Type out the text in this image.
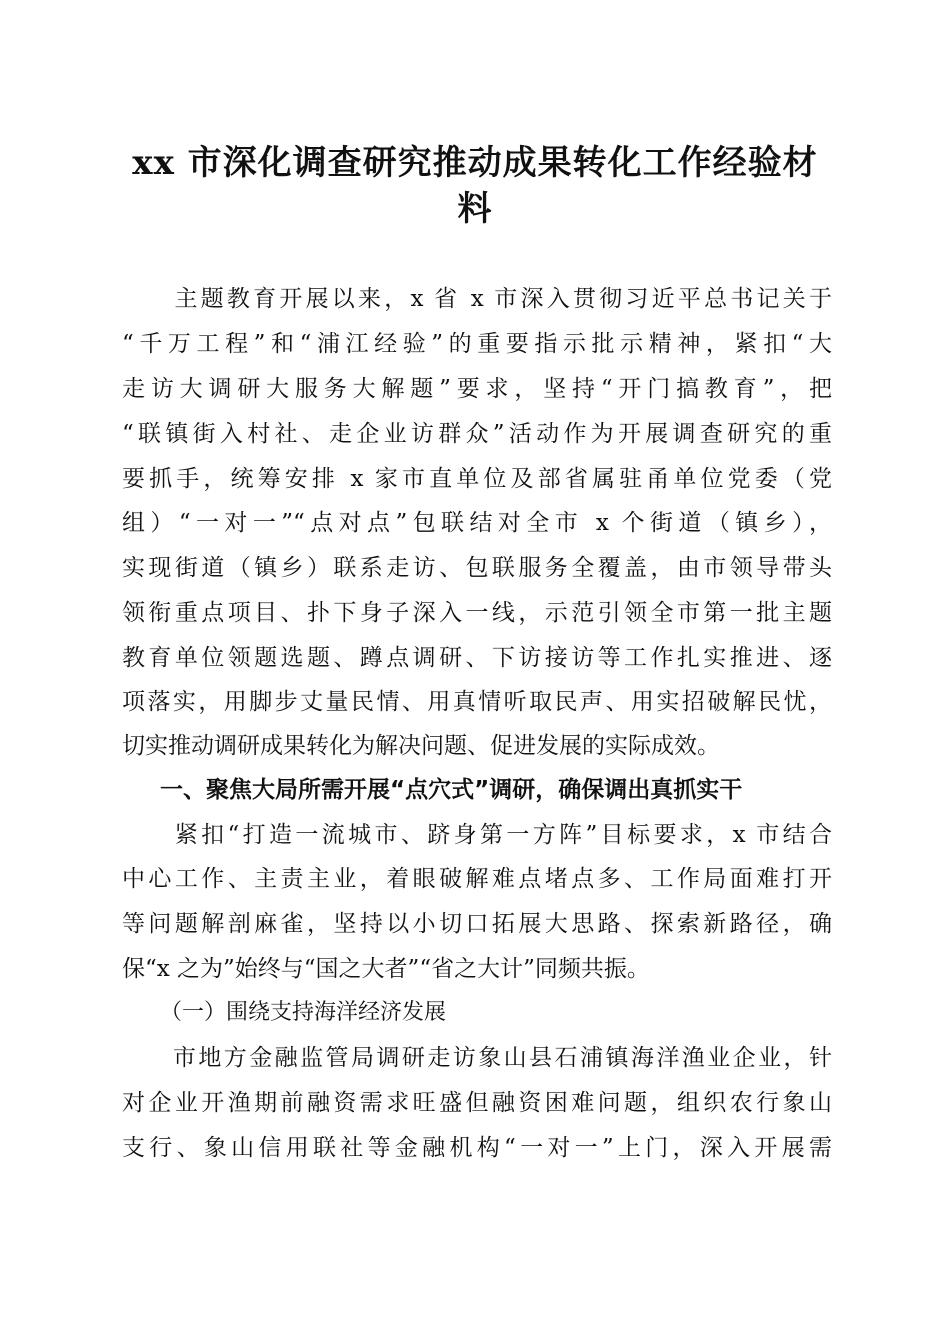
xx 市深化调查研究推动成果转化工作经验材
料
　　主题教育开展以来，x 省 x 市深入贯彻习近平总书记关于
“千万工程”和“浦江经验”的重要指示批示精神，紧扣“大
走访大调研大服务大解题”要求，坚持“开门搞教育”，把
“联镇街入村社、走企业访群众”活动作为开展调查研究的重
要抓手，统筹安排 x 家市直单位及部省属驻甬单位党委（党
组）“一对一”“点对点”包联结对全市 x 个街道（镇乡），
实现街道（镇乡）联系走访、包联服务全覆盖，由市领导带头
领衔重点项目、扑下身子深入一线，示范引领全市第一批主题
教育单位领题选题、蹲点调研、下访接访等工作扎实推进、逐
项落实，用脚步丈量民情、用真情听取民声、用实招破解民忧，
切实推动调研成果转化为解决问题、促进发展的实际成效。
一、聚焦大局所需开展“点穴式”调研，确保调出真抓实干
　　紧扣“打造一流城市、跻身第一方阵”目标要求，x 市结合
中心工作、主责主业，着眼破解难点堵点多、工作局面难打开
等问题解剖麻雀，坚持以小切口拓展大思路、探索新路径，确
保“x 之为”始终与“国之大者”“省之大计”同频共振。
（一）围绕支持海洋经济发展
　　市地方金融监管局调研走访象山县石浦镇海洋渔业企业，针
对企业开渔期前融资需求旺盛但融资困难问题，组织农行象山
支行、象山信用联社等金融机构“一对一”上门，深入开展需
